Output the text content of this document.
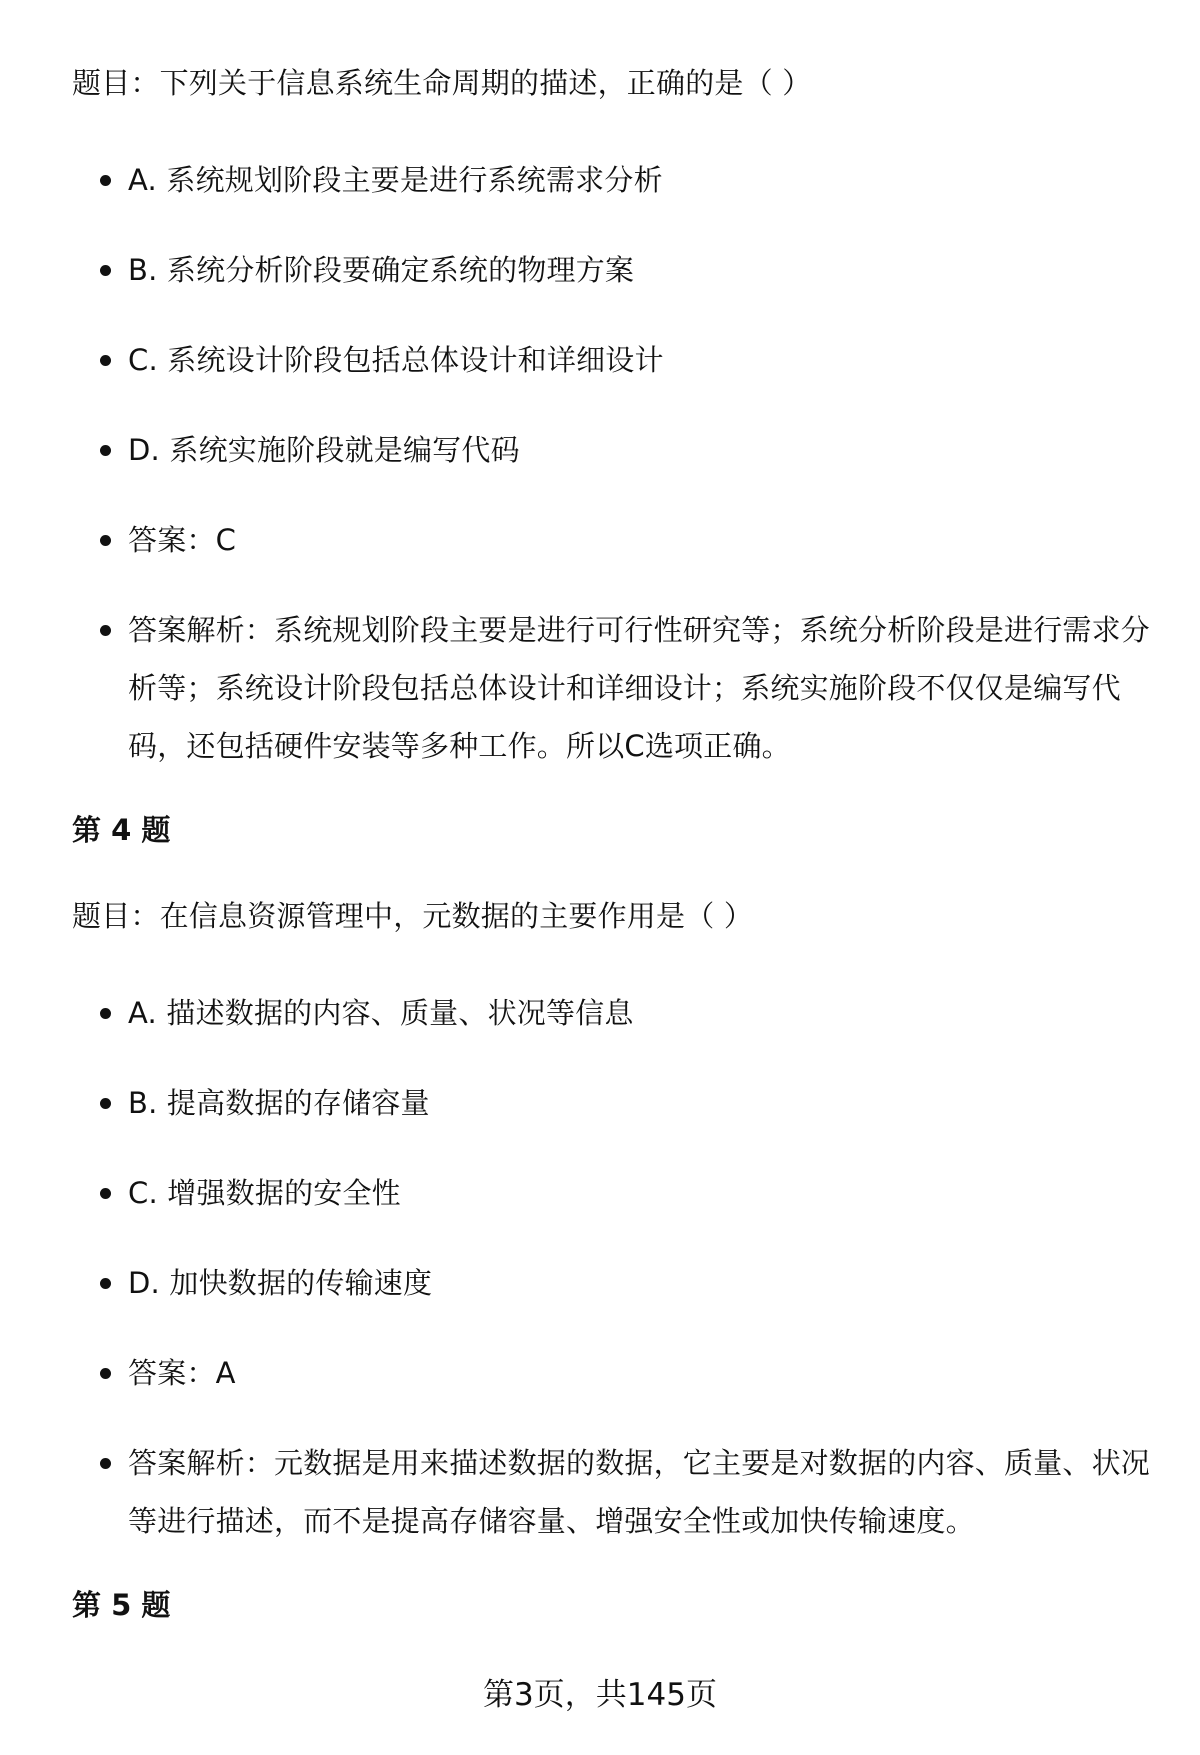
题目：下列关于信息系统生命周期的描述，正确的是（ ）

A. 系统规划阶段主要是进行系统需求分析
B. 系统分析阶段要确定系统的物理方案
C. 系统设计阶段包括总体设计和详细设计
D. 系统实施阶段就是编写代码
答案：C
答案解析：系统规划阶段主要是进行可行性研究等；系统分析阶段是进行需求分析等；系统设计阶段包括总体设计和详细设计；系统实施阶段不仅仅是编写代码，还包括硬件安装等多种工作。所以C选项正确。
第 4 题

题目：在信息资源管理中，元数据的主要作用是（ ）

A. 描述数据的内容、质量、状况等信息
B. 提高数据的存储容量
C. 增强数据的安全性
D. 加快数据的传输速度
答案：A
答案解析：元数据是用来描述数据的数据，它主要是对数据的内容、质量、状况等进行描述，而不是提高存储容量、增强安全性或加快传输速度。
第 5 题
第3页，共145页
